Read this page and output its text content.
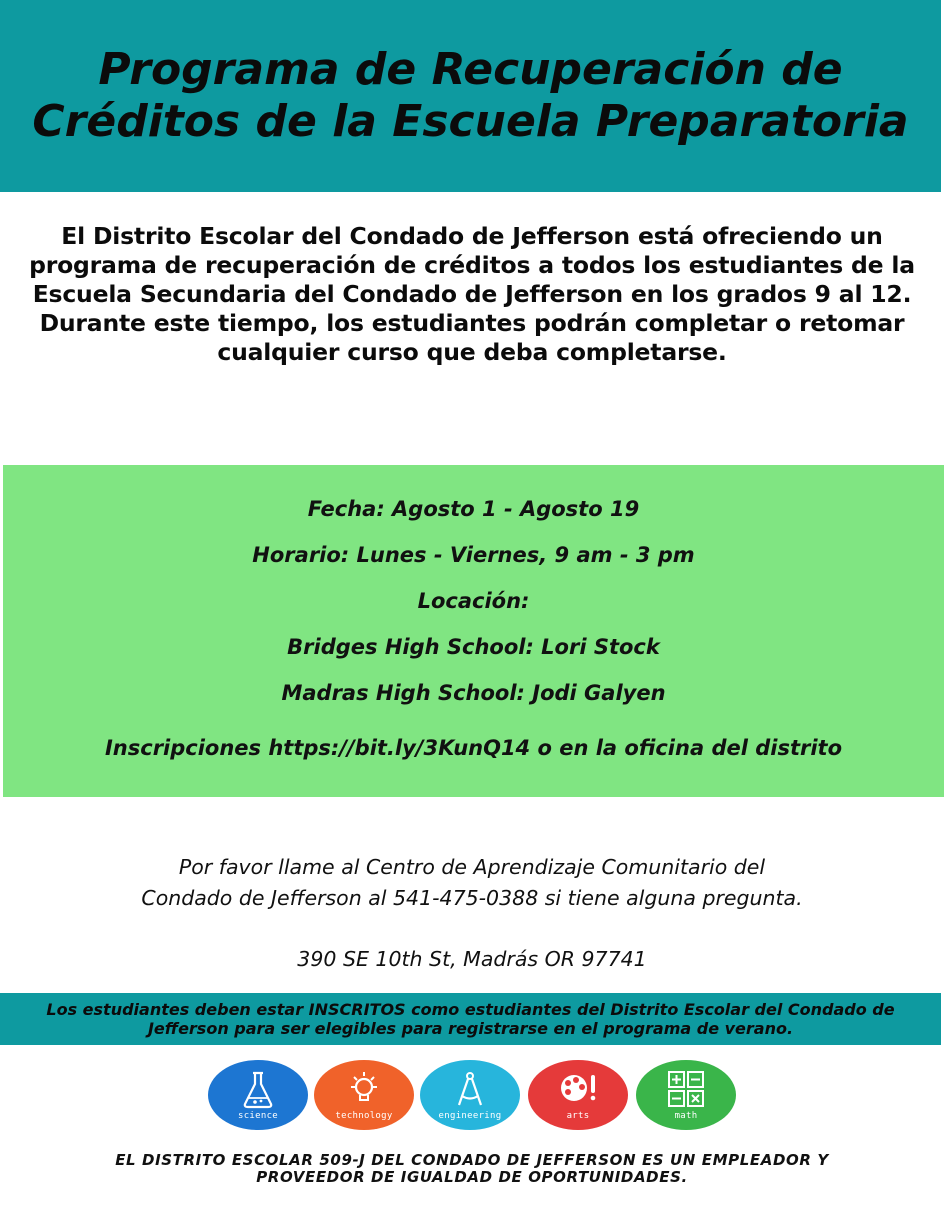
Programa de Recuperación de Créditos de la Escuela Preparatoria

El Distrito Escolar del Condado de Jefferson está ofreciendo un programa de recuperación de créditos a todos los estudiantes de la Escuela Secundaria del Condado de Jefferson en los grados 9 al 12. Durante este tiempo, los estudiantes podrán completar o retomar cualquier curso que deba completarse.

Fecha: Agosto 1 - Agosto 19
Horario: Lunes - Viernes, 9 am - 3 pm
Locación:
Bridges High School: Lori Stock
Madras High School: Jodi Galyen
Inscripciones https://bit.ly/3KunQ14 o en la oficina del distrito
Por favor llame al Centro de Aprendizaje Comunitario del
Condado de Jefferson al 541-475-0388 si tiene alguna pregunta.
390 SE 10th St, Madrás OR 97741
Los estudiantes deben estar INSCRITOS como estudiantes del Distrito Escolar del Condado de Jefferson para ser elegibles para registrarse en el programa de verano.
science	technology	engineering	arts	math
EL DISTRITO ESCOLAR 509-J DEL CONDADO DE JEFFERSON ES UN EMPLEADOR Y
PROVEEDOR DE IGUALDAD DE OPORTUNIDADES.
